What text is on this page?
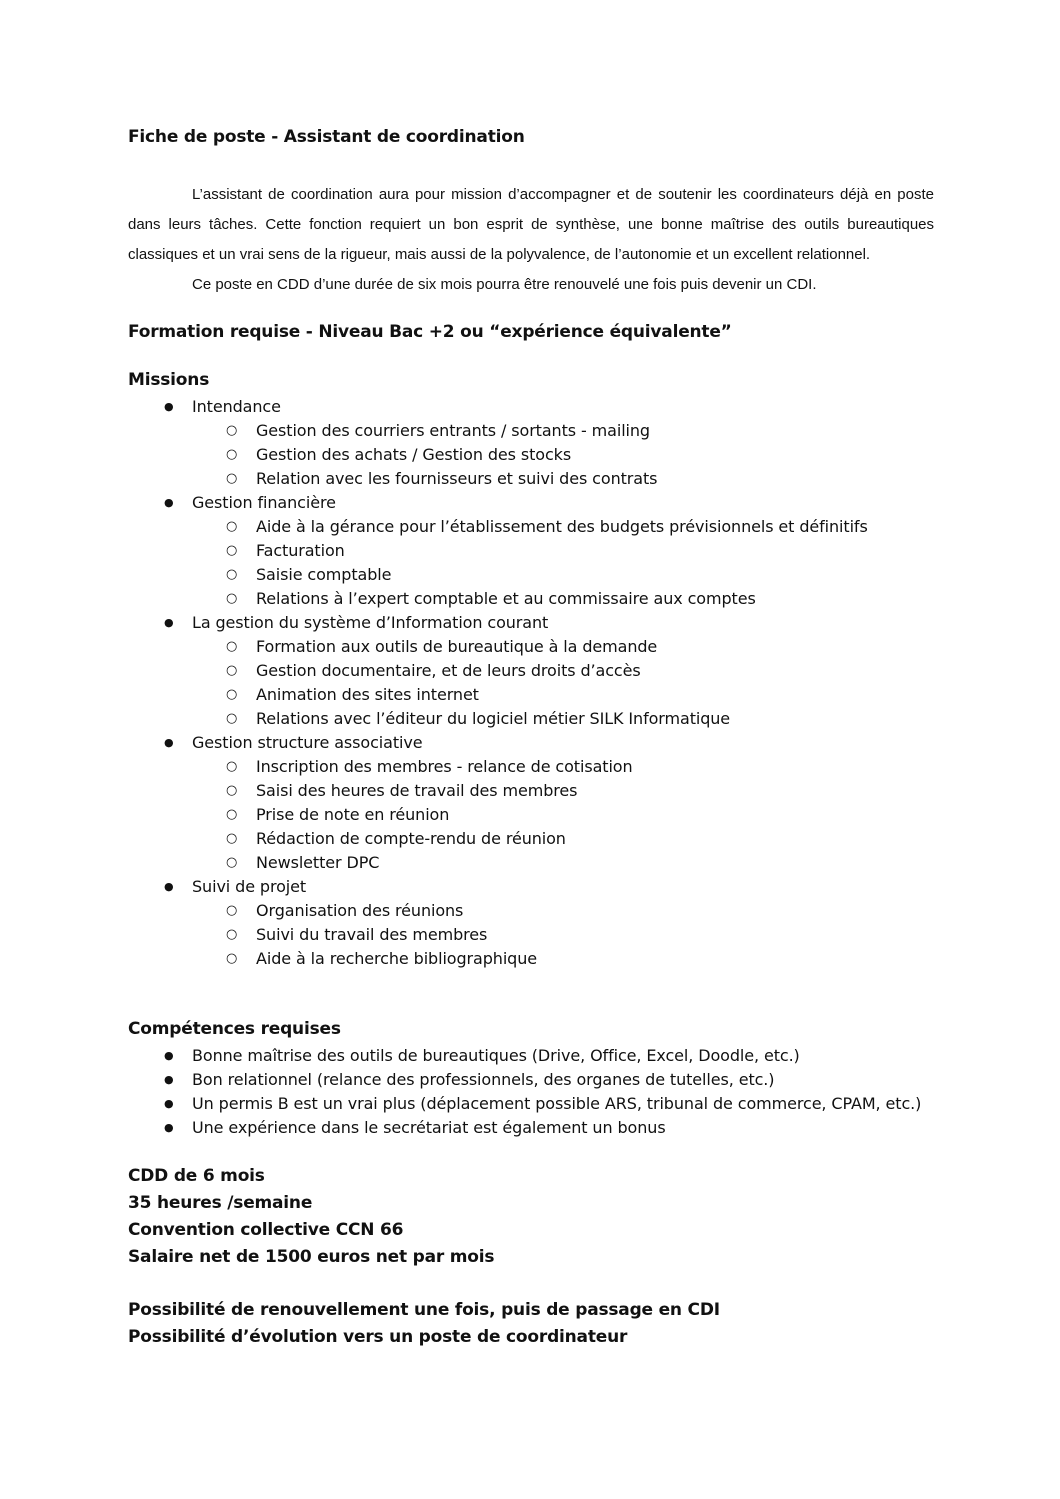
Fiche de poste - Assistant de coordination

L’assistant de coordination aura pour mission d’accompagner et de soutenir les coordinateurs déjà en poste dans leurs tâches. Cette fonction requiert un bon esprit de synthèse, une bonne maîtrise des outils bureautiques classiques et un vrai sens de la rigueur, mais aussi de la polyvalence, de l’autonomie et un excellent relationnel.

Ce poste en CDD d’une durée de six mois pourra être renouvelé une fois puis devenir un CDI.

Formation requise - Niveau Bac +2 ou “expérience équivalente”
Missions
● Intendance
○ Gestion des courriers entrants / sortants - mailing
○ Gestion des achats / Gestion des stocks
○ Relation avec les fournisseurs et suivi des contrats
● Gestion financière
○ Aide à la gérance pour l’établissement des budgets prévisionnels et définitifs
○ Facturation
○ Saisie comptable
○ Relations à l’expert comptable et au commissaire aux comptes
● La gestion du système d’Information courant
○ Formation aux outils de bureautique à la demande
○ Gestion documentaire, et de leurs droits d’accès
○ Animation des sites internet
○ Relations avec l’éditeur du logiciel métier SILK Informatique
● Gestion structure associative
○ Inscription des membres - relance de cotisation
○ Saisi des heures de travail des membres
○ Prise de note en réunion
○ Rédaction de compte-rendu de réunion
○ Newsletter DPC
● Suivi de projet
○ Organisation des réunions
○ Suivi du travail des membres
○ Aide à la recherche bibliographique
Compétences requises
● Bonne maîtrise des outils de bureautiques (Drive, Office, Excel, Doodle, etc.)
● Bon relationnel (relance des professionnels, des organes de tutelles, etc.)
● Un permis B est un vrai plus (déplacement possible ARS, tribunal de commerce, CPAM, etc.)
● Une expérience dans le secrétariat est également un bonus
CDD de 6 mois
35 heures /semaine
Convention collective CCN 66
Salaire net de 1500 euros net par mois
Possibilité de renouvellement une fois, puis de passage en CDI
Possibilité d’évolution vers un poste de coordinateur
